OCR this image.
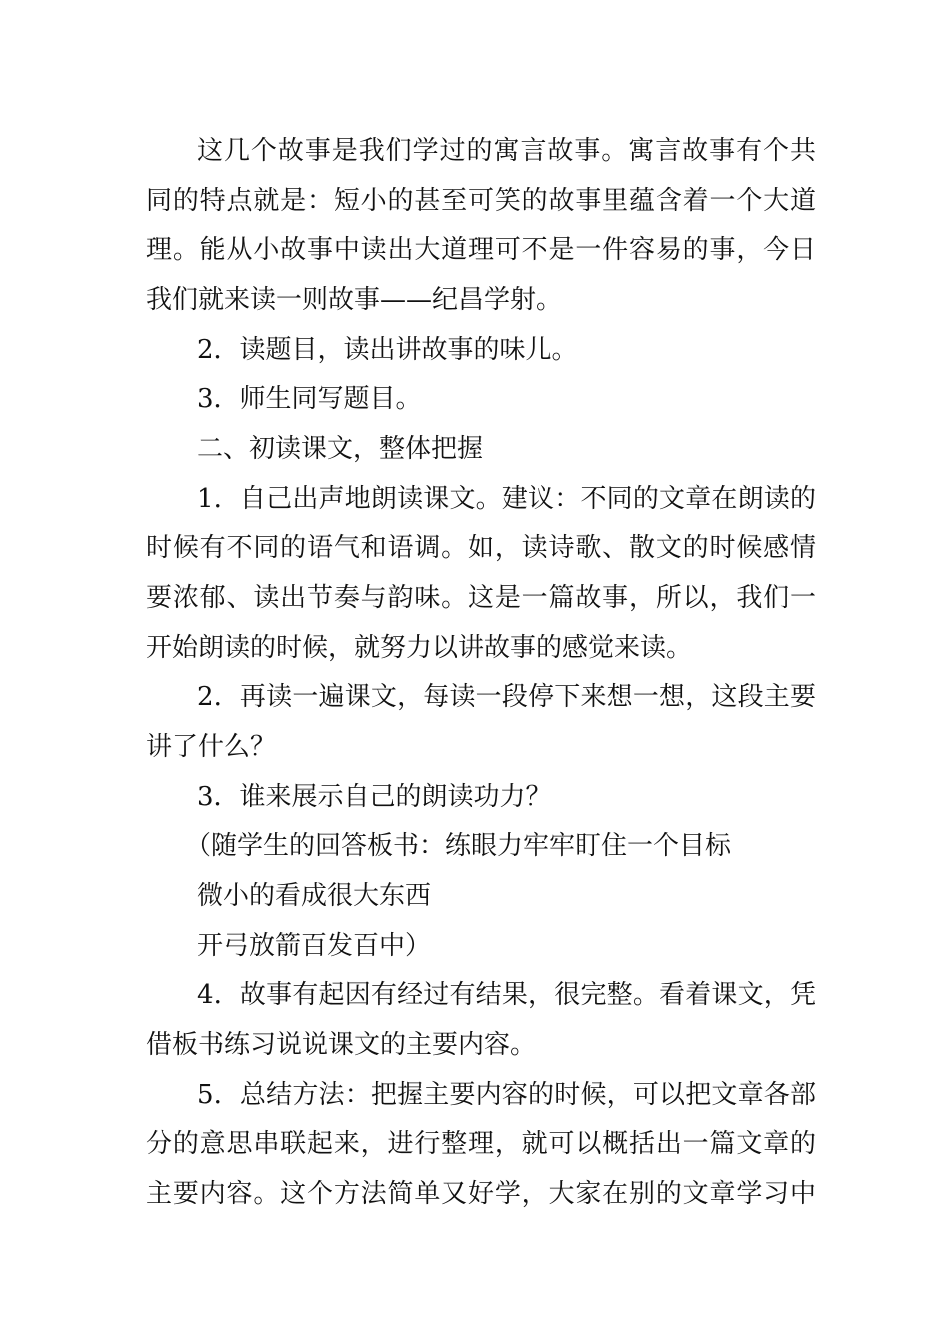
这几个故事是我们学过的寓言故事。寓言故事有个共
同的特点就是：短小的甚至可笑的故事里蕴含着一个大道
理。能从小故事中读出大道理可不是一件容易的事，今日
我们就来读一则故事——纪昌学射。
2．读题目，读出讲故事的味儿。
3．师生同写题目。
二、初读课文，整体把握
1．自己出声地朗读课文。建议：不同的文章在朗读的
时候有不同的语气和语调。如，读诗歌、散文的时候感情
要浓郁、读出节奏与韵味。这是一篇故事，所以，我们一
开始朗读的时候，就努力以讲故事的感觉来读。
2．再读一遍课文，每读一段停下来想一想，这段主要
讲了什么？
3．谁来展示自己的朗读功力？
（随学生的回答板书：练眼力牢牢盯住一个目标
微小的看成很大东西
开弓放箭百发百中）
4．故事有起因有经过有结果，很完整。看着课文，凭
借板书练习说说课文的主要内容。
5．总结方法：把握主要内容的时候，可以把文章各部
分的意思串联起来，进行整理，就可以概括出一篇文章的
主要内容。这个方法简单又好学，大家在别的文章学习中
